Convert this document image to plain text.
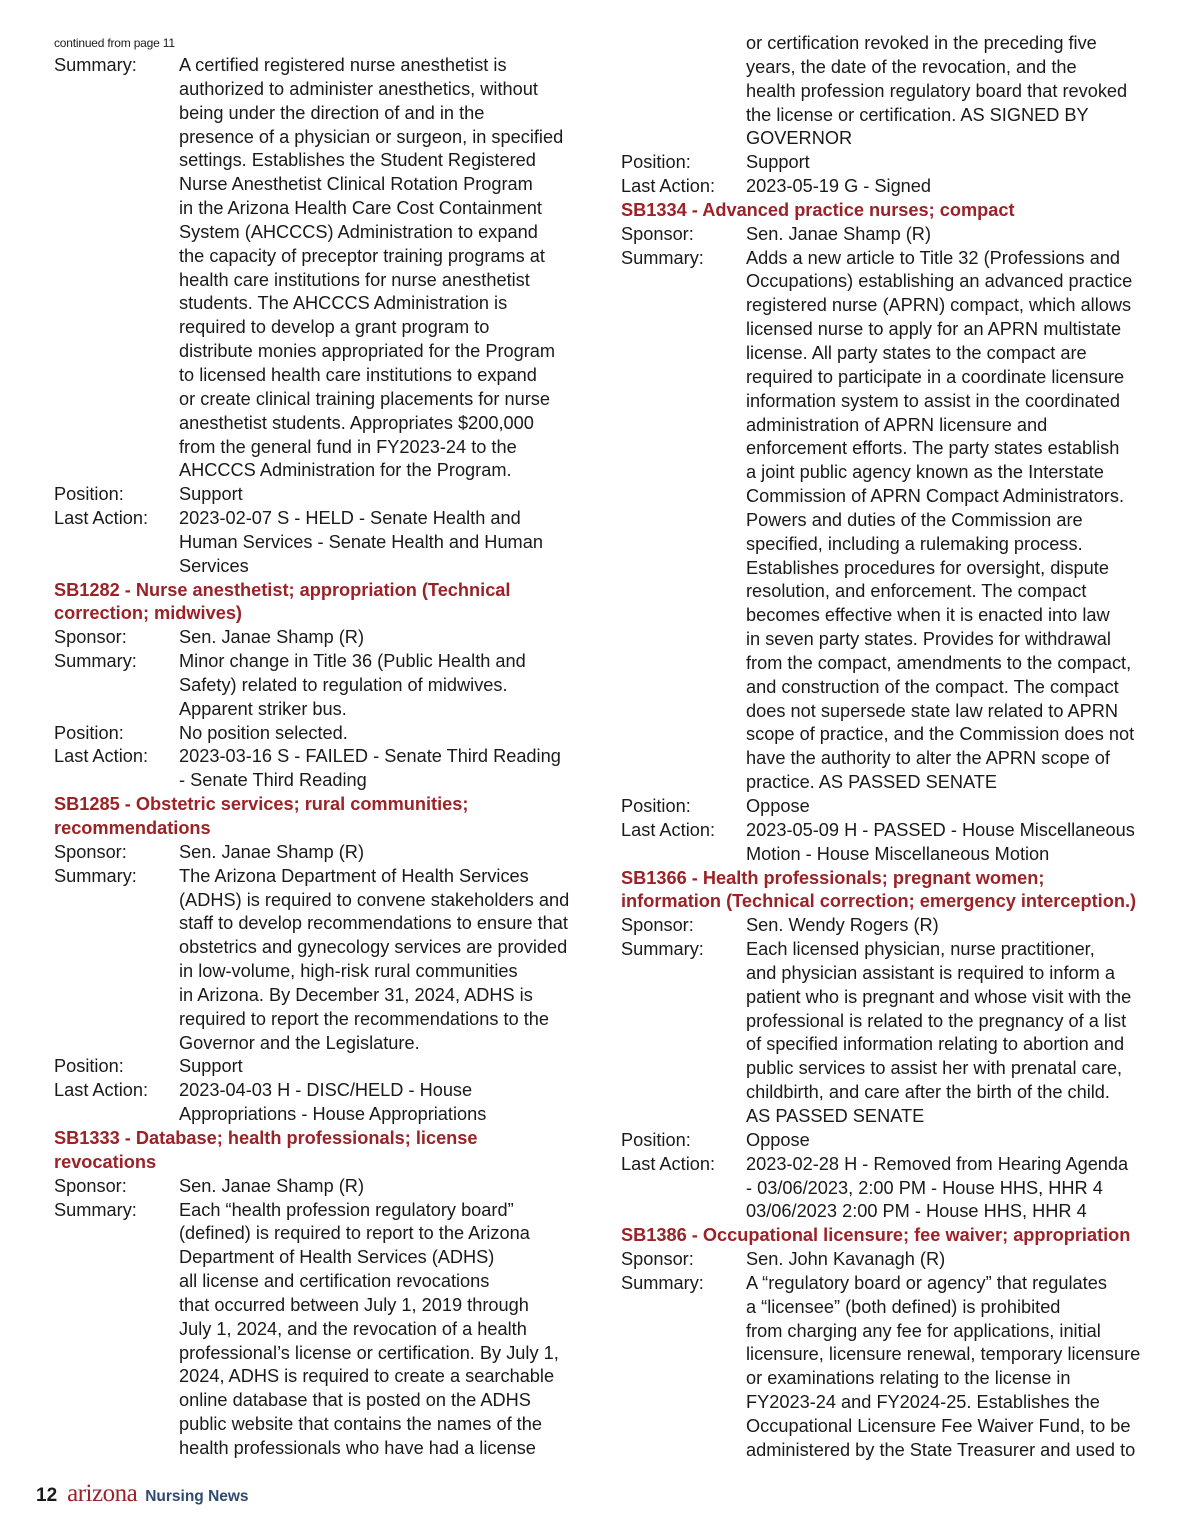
continued from page 11
Summary:	A certified registered nurse anesthetist is
authorized to administer anesthetics, without
being under the direction of and in the
presence of a physician or surgeon, in specified
settings. Establishes the Student Registered
Nurse Anesthetist Clinical Rotation Program
in the Arizona Health Care Cost Containment
System (AHCCCS) Administration to expand
the capacity of preceptor training programs at
health care institutions for nurse anesthetist
students. The AHCCCS Administration is
required to develop a grant program to
distribute monies appropriated for the Program
to licensed health care institutions to expand
or create clinical training placements for nurse
anesthetist students. Appropriates $200,000
from the general fund in FY2023-24 to the
AHCCCS Administration for the Program.
Position:	Support
Last Action:	2023-02-07 S - HELD - Senate Health and
Human Services - Senate Health and Human
Services
SB1282 - Nurse anesthetist; appropriation (Technical
correction; midwives)
Sponsor:	Sen. Janae Shamp (R)
Summary:	Minor change in Title 36 (Public Health and
Safety) related to regulation of midwives.
Apparent striker bus.
Position:	No position selected.
Last Action:	2023-03-16 S - FAILED - Senate Third Reading
- Senate Third Reading
SB1285 - Obstetric services; rural communities;
recommendations
Sponsor:	Sen. Janae Shamp (R)
Summary:	The Arizona Department of Health Services
(ADHS) is required to convene stakeholders and
staff to develop recommendations to ensure that
obstetrics and gynecology services are provided
in low-volume, high-risk rural communities
in Arizona. By December 31, 2024, ADHS is
required to report the recommendations to the
Governor and the Legislature.
Position:	Support
Last Action:	2023-04-03 H - DISC/HELD - House
Appropriations - House Appropriations
SB1333 - Database; health professionals; license
revocations
Sponsor:	Sen. Janae Shamp (R)
Summary:	Each “health profession regulatory board”
(defined) is required to report to the Arizona
Department of Health Services (ADHS)
all license and certification revocations
that occurred between July 1, 2019 through
July 1, 2024, and the revocation of a health
professional’s license or certification. By July 1,
2024, ADHS is required to create a searchable
online database that is posted on the ADHS
public website that contains the names of the
health professionals who have had a license
or certification revoked in the preceding five
years, the date of the revocation, and the
health profession regulatory board that revoked
the license or certification. AS SIGNED BY
GOVERNOR
Position:	Support
Last Action:	2023-05-19 G - Signed
SB1334 - Advanced practice nurses; compact
Sponsor:	Sen. Janae Shamp (R)
Summary:	Adds a new article to Title 32 (Professions and
Occupations) establishing an advanced practice
registered nurse (APRN) compact, which allows
licensed nurse to apply for an APRN multistate
license. All party states to the compact are
required to participate in a coordinate licensure
information system to assist in the coordinated
administration of APRN licensure and
enforcement efforts. The party states establish
a joint public agency known as the Interstate
Commission of APRN Compact Administrators.
Powers and duties of the Commission are
specified, including a rulemaking process.
Establishes procedures for oversight, dispute
resolution, and enforcement. The compact
becomes effective when it is enacted into law
in seven party states. Provides for withdrawal
from the compact, amendments to the compact,
and construction of the compact. The compact
does not supersede state law related to APRN
scope of practice, and the Commission does not
have the authority to alter the APRN scope of
practice. AS PASSED SENATE
Position:	Oppose
Last Action:	2023-05-09 H - PASSED - House Miscellaneous
Motion - House Miscellaneous Motion
SB1366 - Health professionals; pregnant women;
information (Technical correction; emergency interception.)
Sponsor:	Sen. Wendy Rogers (R)
Summary:	Each licensed physician, nurse practitioner,
and physician assistant is required to inform a
patient who is pregnant and whose visit with the
professional is related to the pregnancy of a list
of specified information relating to abortion and
public services to assist her with prenatal care,
childbirth, and care after the birth of the child.
AS PASSED SENATE
Position:	Oppose
Last Action:	2023-02-28 H - Removed from Hearing Agenda
- 03/06/2023, 2:00 PM - House HHS, HHR 4
03/06/2023 2:00 PM - House HHS, HHR 4
SB1386 - Occupational licensure; fee waiver; appropriation
Sponsor:	Sen. John Kavanagh (R)
Summary:	A “regulatory board or agency” that regulates
a “licensee” (both defined) is prohibited
from charging any fee for applications, initial
licensure, licensure renewal, temporary licensure
or examinations relating to the license in
FY2023-24 and FY2024-25. Establishes the
Occupational Licensure Fee Waiver Fund, to be
administered by the State Treasurer and used to
12 arizona Nursing News
